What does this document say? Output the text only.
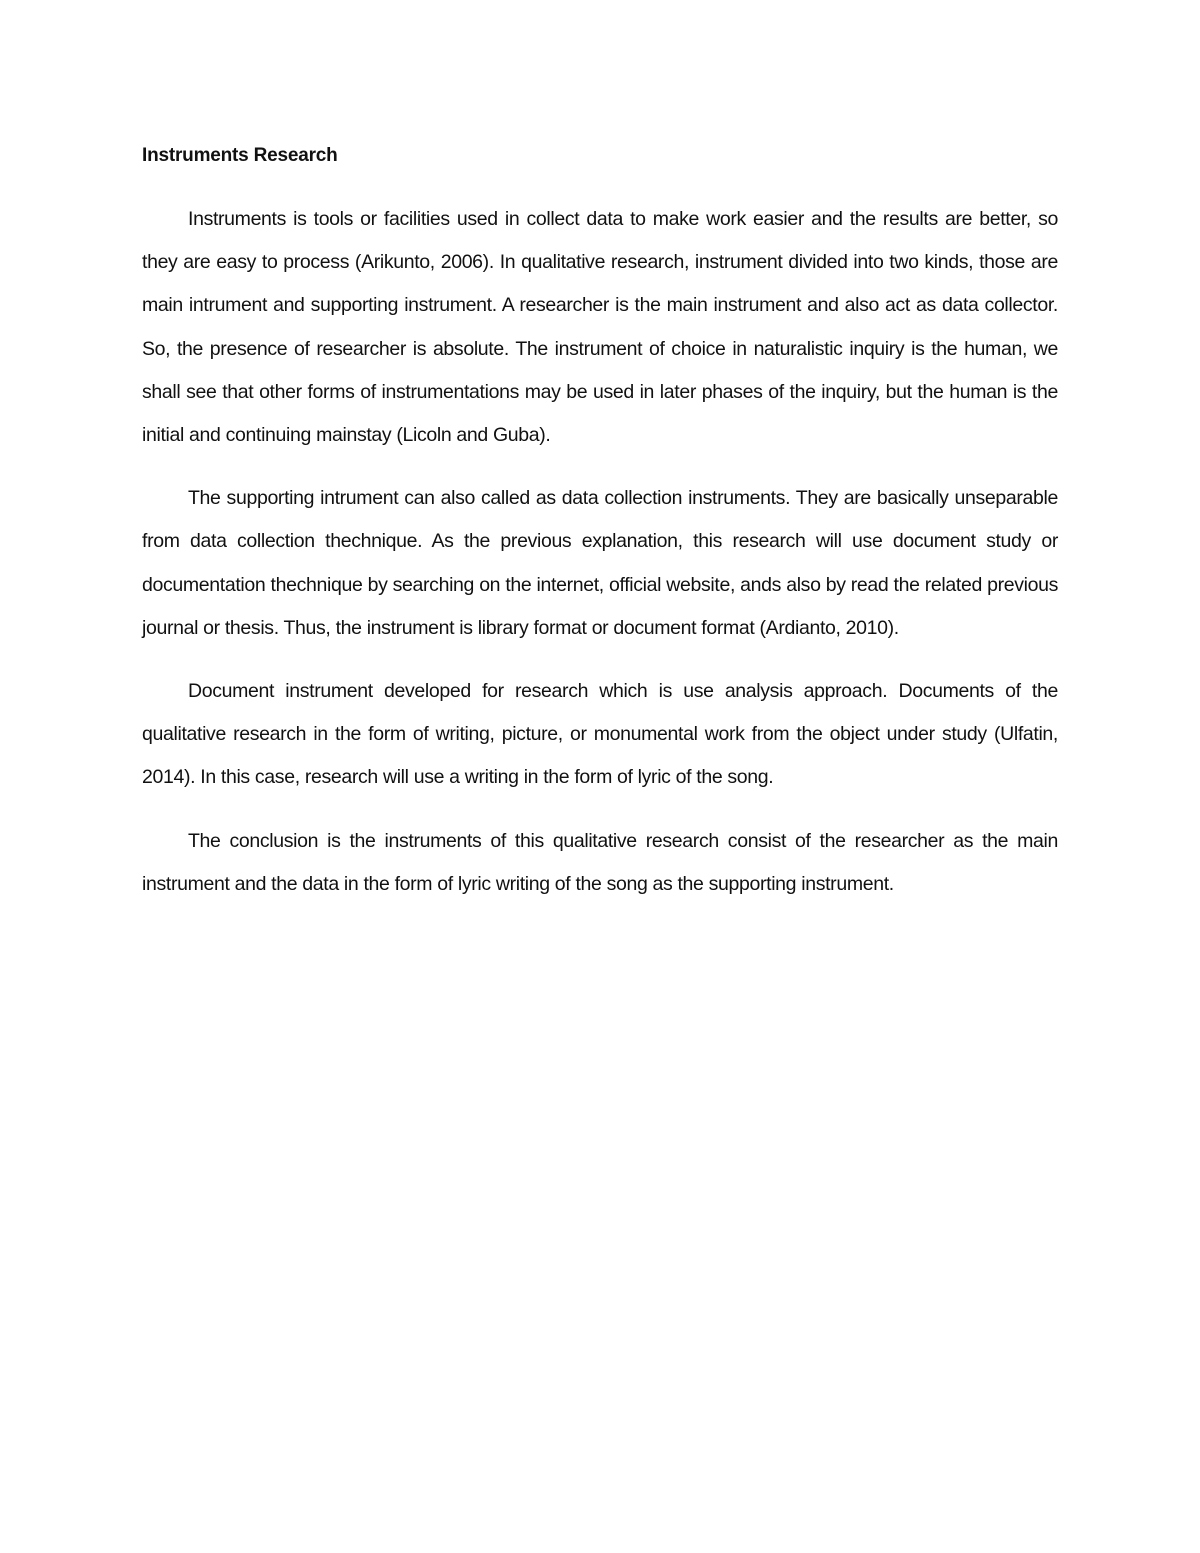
Instruments Research

Instruments is tools or facilities used in collect data to make work easier and the results are better, so they are easy to process (Arikunto, 2006). In qualitative research, instrument divided into two kinds, those are main intrument and supporting instrument. A researcher is the main instrument and also act as data collector. So, the presence of researcher is absolute. The instrument of choice in naturalistic inquiry is the human, we shall see that other forms of instrumentations may be used in later phases of the inquiry, but the human is the initial and continuing mainstay (Licoln and Guba).

The supporting intrument can also called as data collection instruments. They are basically unseparable from data collection thechnique. As the previous explanation, this research will use document study or documentation thechnique by searching on the internet, official website, ands also by read the related previous journal or thesis. Thus, the instrument is library format or document format (Ardianto, 2010).

Document instrument developed for research which is use analysis approach. Documents of the qualitative research in the form of writing, picture, or monumental work from the object under study (Ulfatin, 2014). In this case, research will use a writing in the form of lyric of the song.

The conclusion is the instruments of this qualitative research consist of the researcher as the main instrument and the data in the form of lyric writing of the song as the supporting instrument.
